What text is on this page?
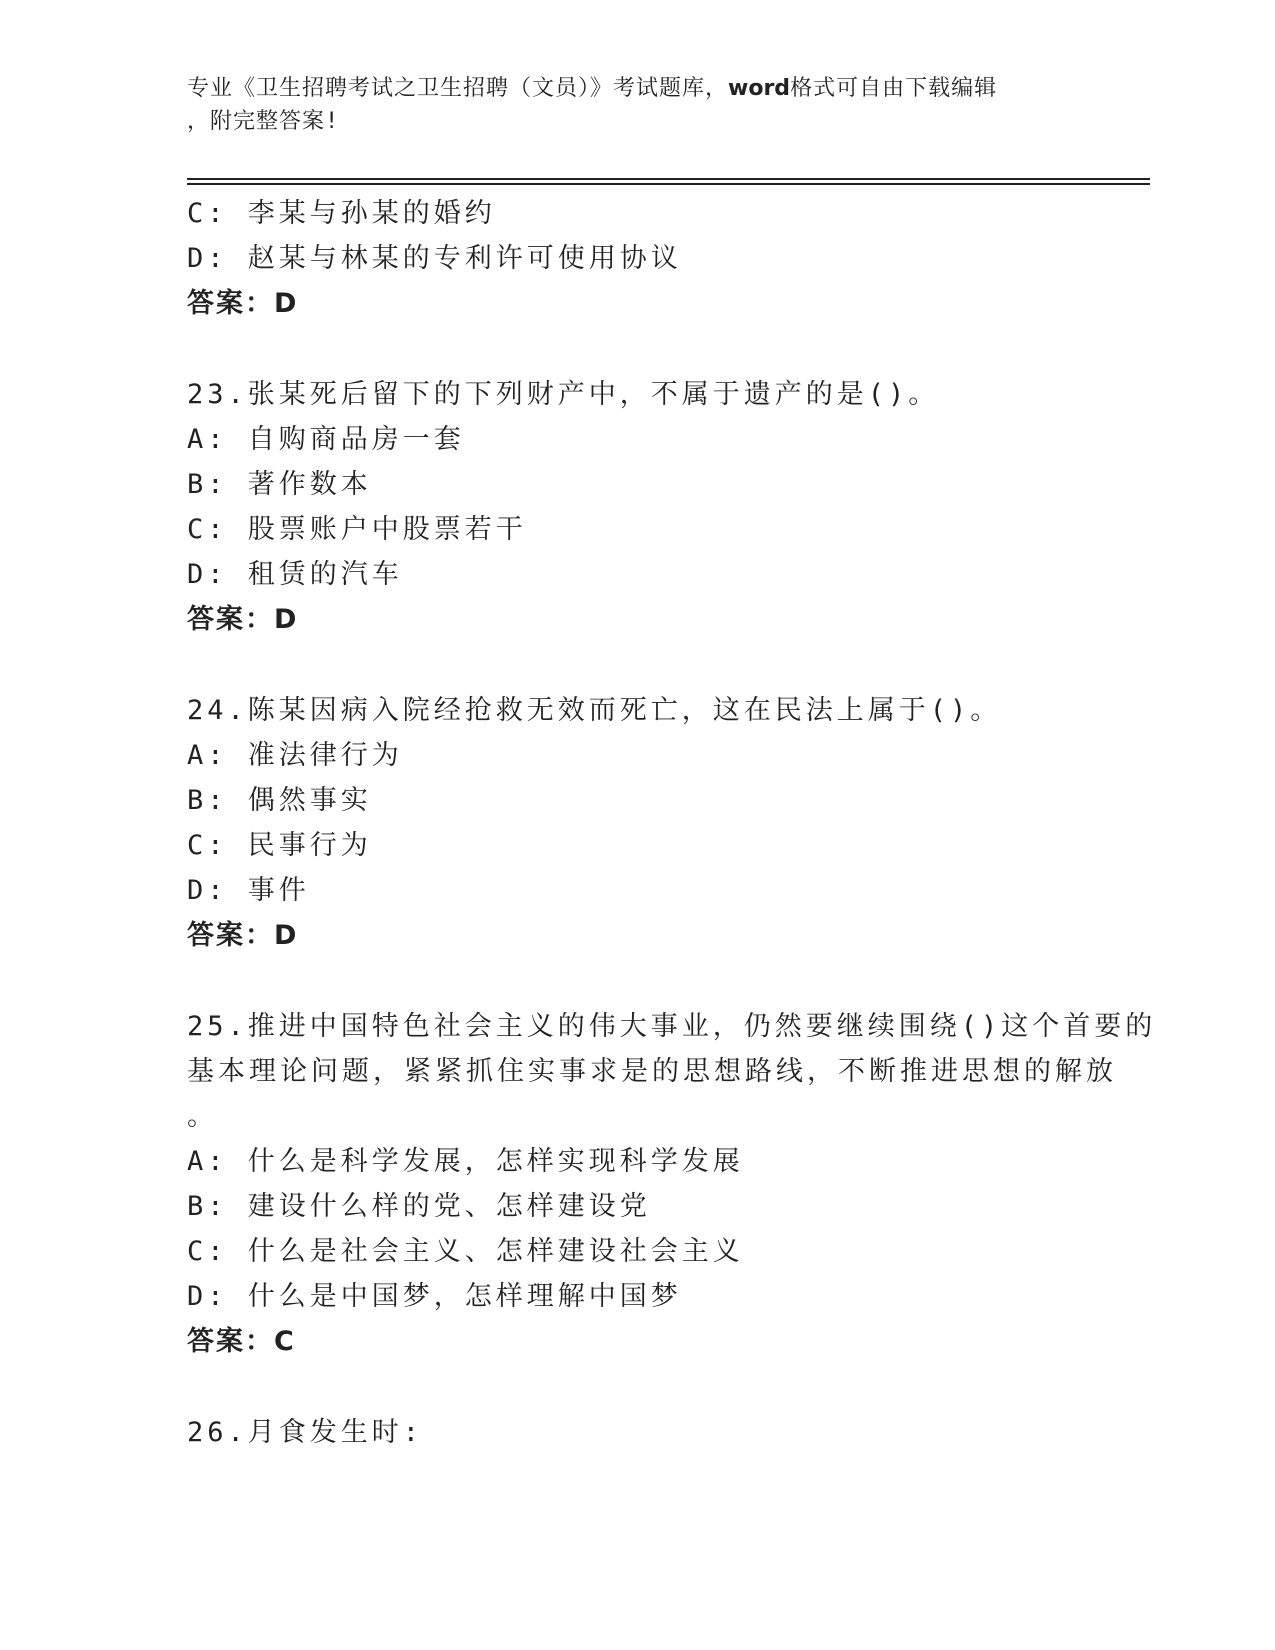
专业《卫生招聘考试之卫生招聘（文员）》考试题库，word格式可自由下载编辑
，附完整答案!
C: 李某与孙某的婚约
D: 赵某与林某的专利许可使用协议
答案：D
23.张某死后留下的下列财产中，不属于遗产的是()。
A: 自购商品房一套
B: 著作数本
C: 股票账户中股票若干
D: 租赁的汽车
答案：D
24.陈某因病入院经抢救无效而死亡，这在民法上属于()。
A: 准法律行为
B: 偶然事实
C: 民事行为
D: 事件
答案：D
25.推进中国特色社会主义的伟大事业，仍然要继续围绕()这个首要的
基本理论问题，紧紧抓住实事求是的思想路线，不断推进思想的解放
。
A: 什么是科学发展，怎样实现科学发展
B: 建设什么样的党、怎样建设党
C: 什么是社会主义、怎样建设社会主义
D: 什么是中国梦，怎样理解中国梦
答案：C
26.月食发生时:
